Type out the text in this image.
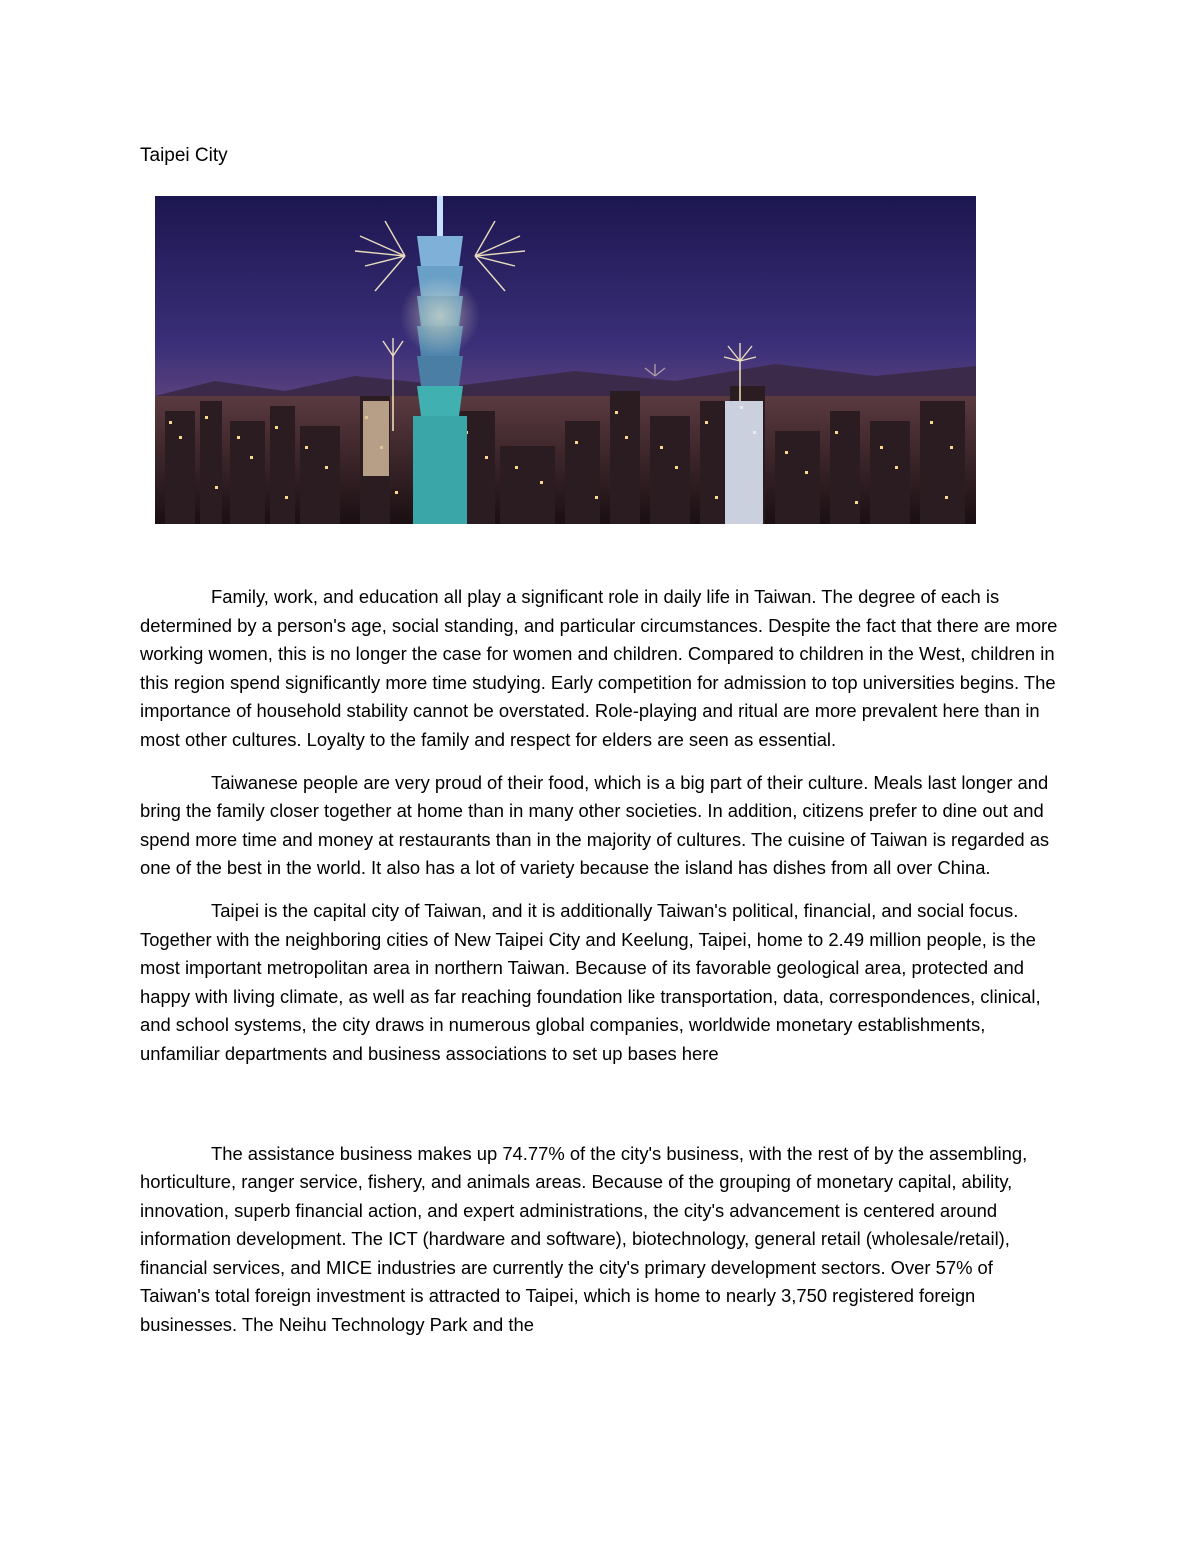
Taipei City

Family, work, and education all play a significant role in daily life in Taiwan. The degree of each is determined by a person's age, social standing, and particular circumstances. Despite the fact that there are more working women, this is no longer the case for women and children. Compared to children in the West, children in this region spend significantly more time studying. Early competition for admission to top universities begins. The importance of household stability cannot be overstated. Role-playing and ritual are more prevalent here than in most other cultures. Loyalty to the family and respect for elders are seen as essential.

Taiwanese people are very proud of their food, which is a big part of their culture. Meals last longer and bring the family closer together at home than in many other societies. In addition, citizens prefer to dine out and spend more time and money at restaurants than in the majority of cultures. The cuisine of Taiwan is regarded as one of the best in the world. It also has a lot of variety because the island has dishes from all over China.

Taipei is the capital city of Taiwan, and it is additionally Taiwan's political, financial, and social focus. Together with the neighboring cities of New Taipei City and Keelung, Taipei, home to 2.49 million people, is the most important metropolitan area in northern Taiwan. Because of its favorable geological area, protected and happy with living climate, as well as far reaching foundation like transportation, data, correspondences, clinical, and school systems, the city draws in numerous global companies, worldwide monetary establishments, unfamiliar departments and business associations to set up bases here

The assistance business makes up 74.77% of the city's business, with the rest of by the assembling, horticulture, ranger service, fishery, and animals areas. Because of the grouping of monetary capital, ability, innovation, superb financial action, and expert administrations, the city's advancement is centered around information development. The ICT (hardware and software), biotechnology, general retail (wholesale/retail), financial services, and MICE industries are currently the city's primary development sectors. Over 57% of Taiwan's total foreign investment is attracted to Taipei, which is home to nearly 3,750 registered foreign businesses. The Neihu Technology Park and the
